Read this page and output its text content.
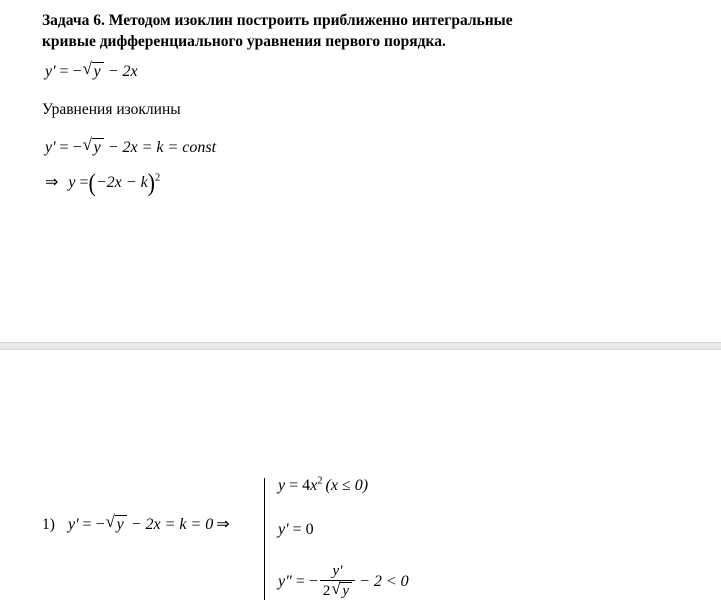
Задача 6. Методом изоклин построить приближенно интегральные
кривые дифференциального уравнения первого порядка.
y' = − √ y − 2x
Уравнения изоклины
y' = − √ y − 2x = k = const
⇒ $y =(-2x - k)^2$
1) y' = − √ y − 2x = k = 0 ⇒
$y = 4x^2$ (x ≤ 0)
y' = 0
y" = − $\frac{y'}{2 √ y} - 2 < 0$
